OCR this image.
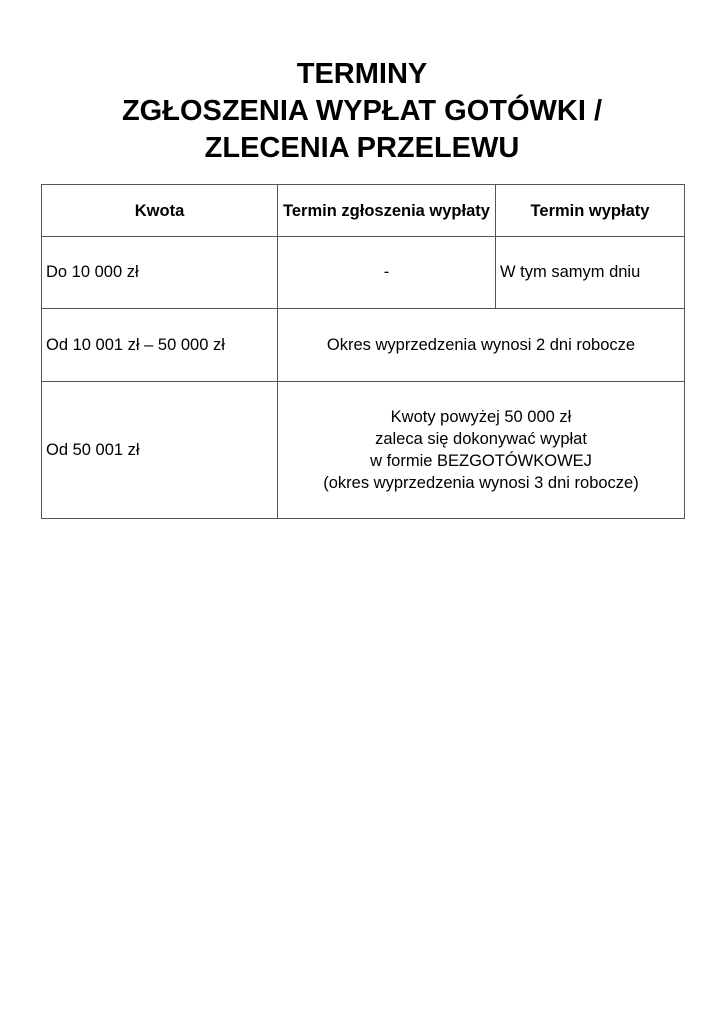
TERMINY
ZGŁOSZENIA WYPŁAT GOTÓWKI /
ZLECENIA PRZELEWU
Kwota	Termin zgłoszenia wypłaty	Termin wypłaty
Do 10 000 zł	-	W tym samym dniu
Od 10 001 zł – 50 000 zł	Okres wyprzedzenia wynosi 2 dni robocze	
Od 50 001 zł	Kwoty powyżej 50 000 zł
zaleca się dokonywać wypłat
w formie BEZGOTÓWKOWEJ
(okres wyprzedzenia wynosi 3 dni robocze)	
